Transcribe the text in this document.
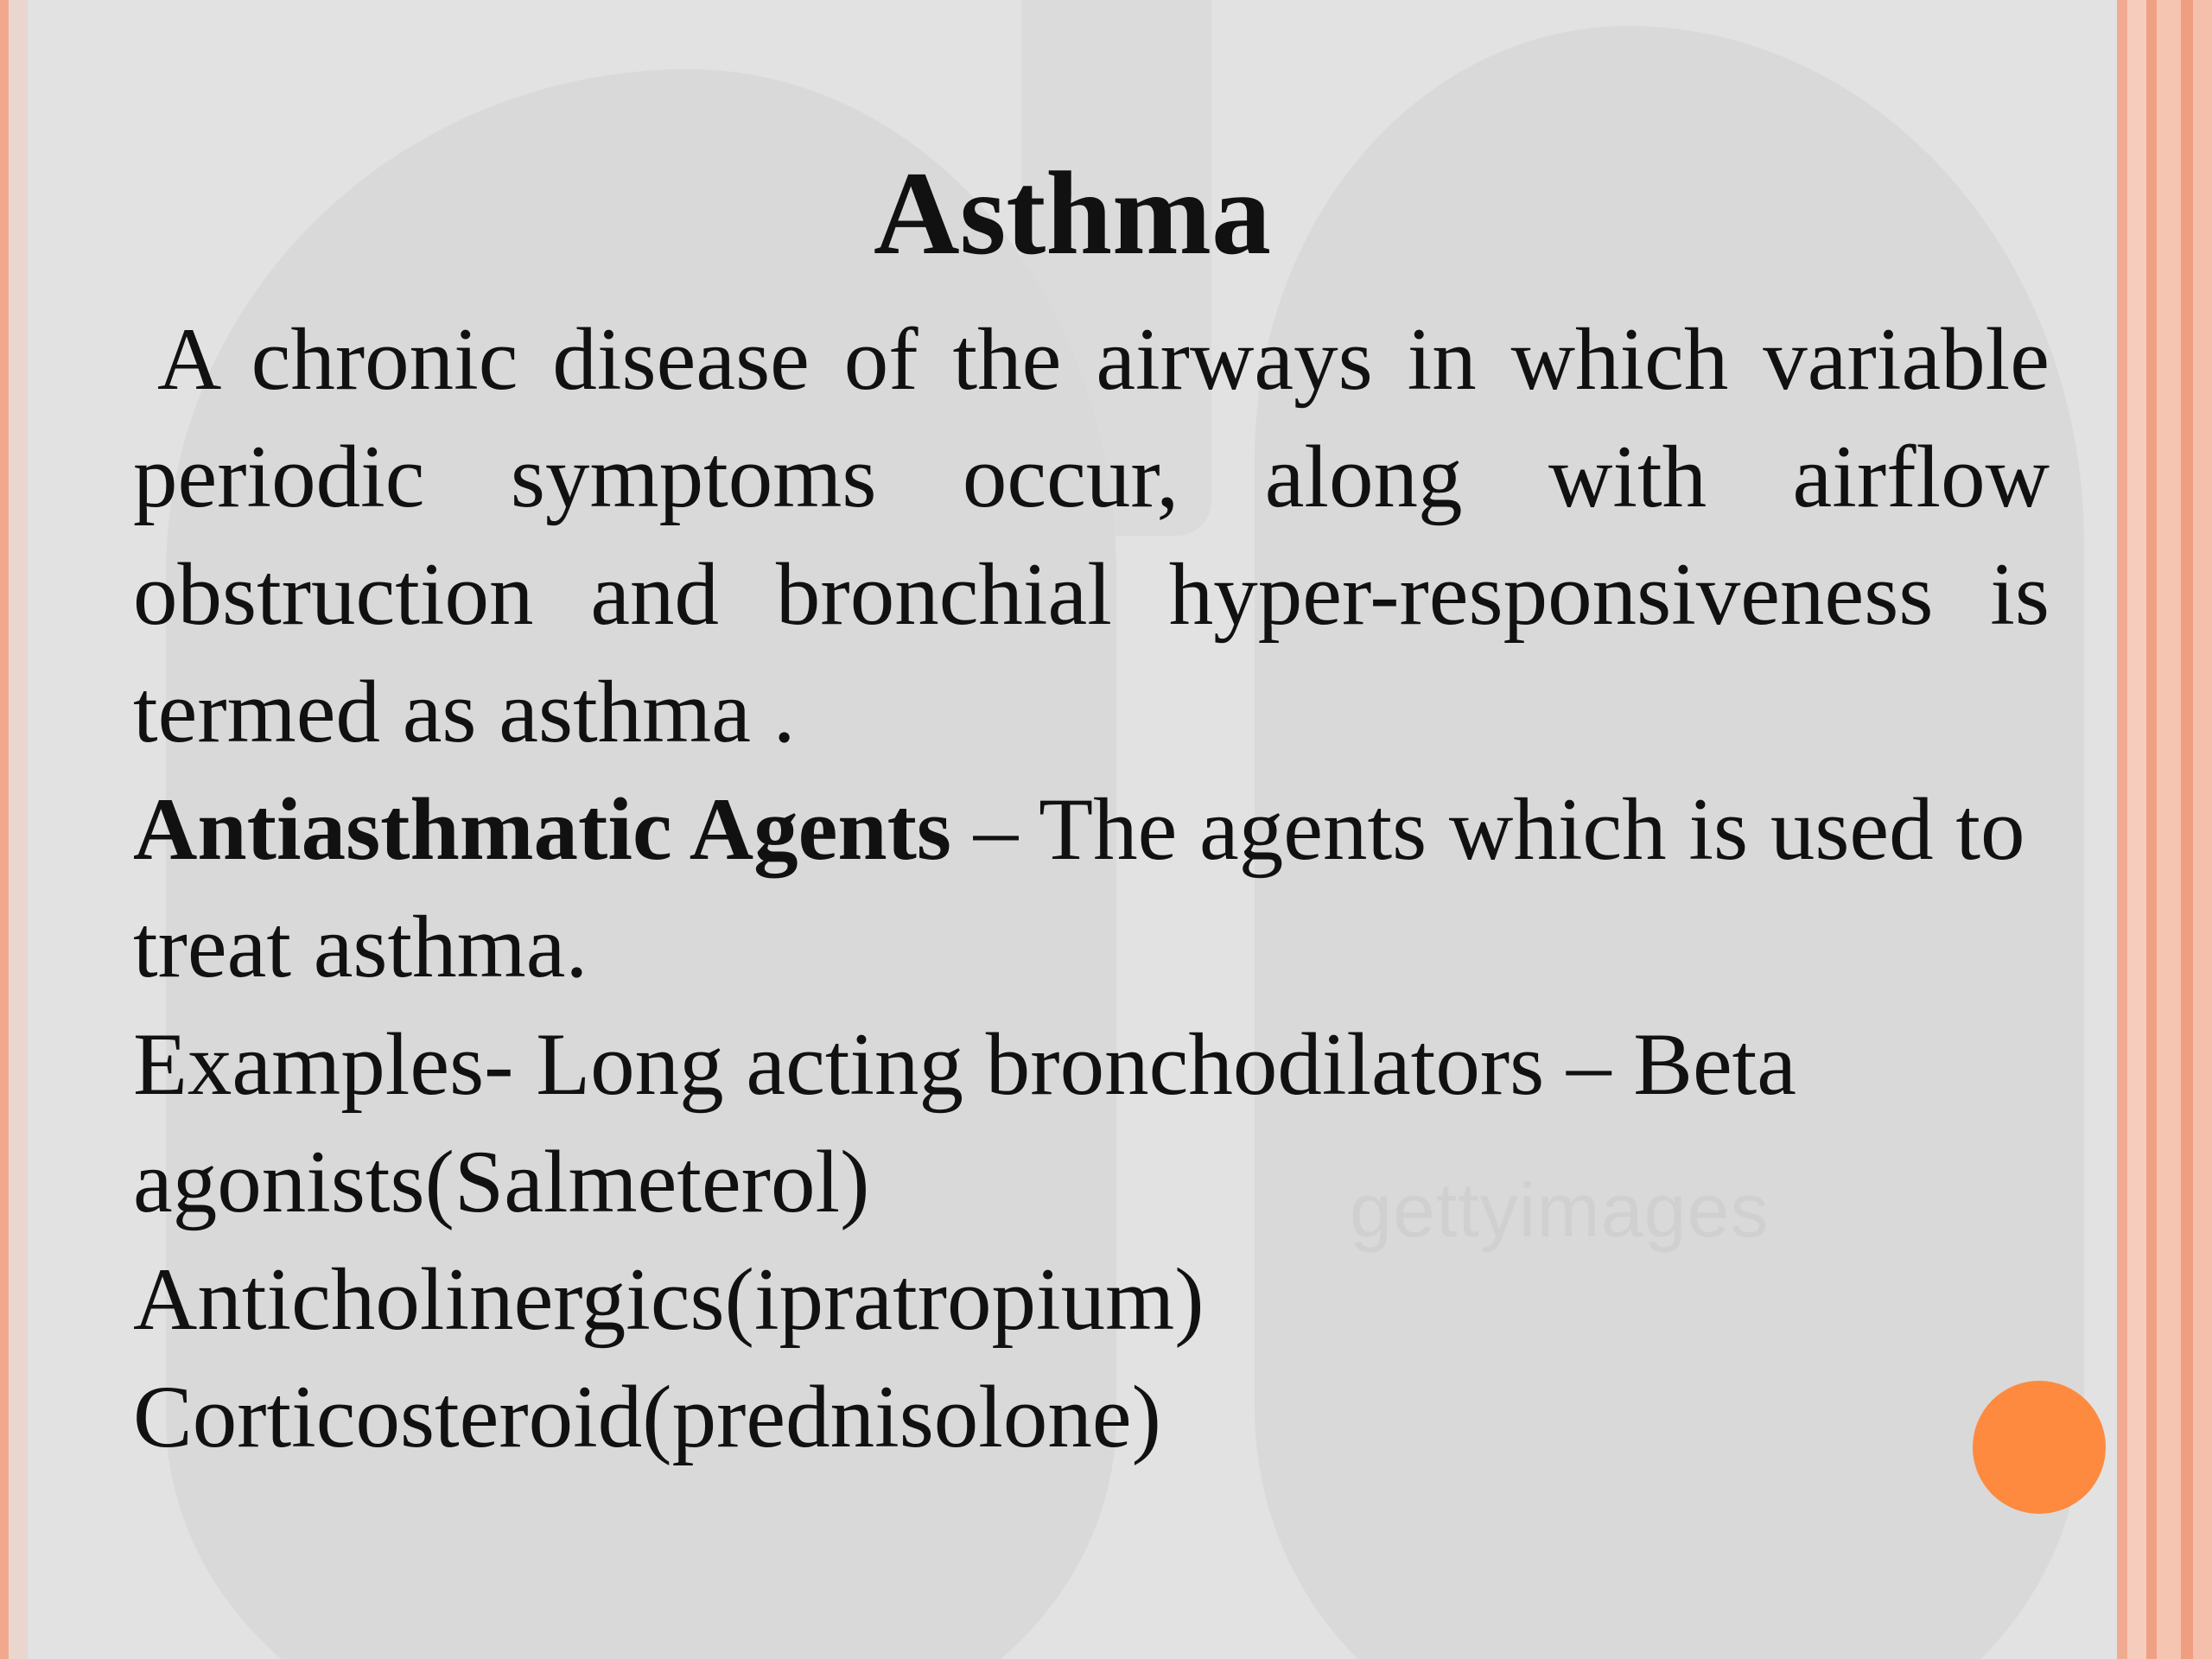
gettyimages
Asthma

A chronic disease of the airways in which variable periodic symptoms occur, along with airflow obstruction and bronchial hyper-responsiveness is termed as asthma .

Antiasthmatic Agents – The agents which is used to treat asthma.

Examples- Long acting bronchodilators – Beta agonists(Salmeterol)

Anticholinergics(ipratropium)

Corticosteroid(prednisolone)
